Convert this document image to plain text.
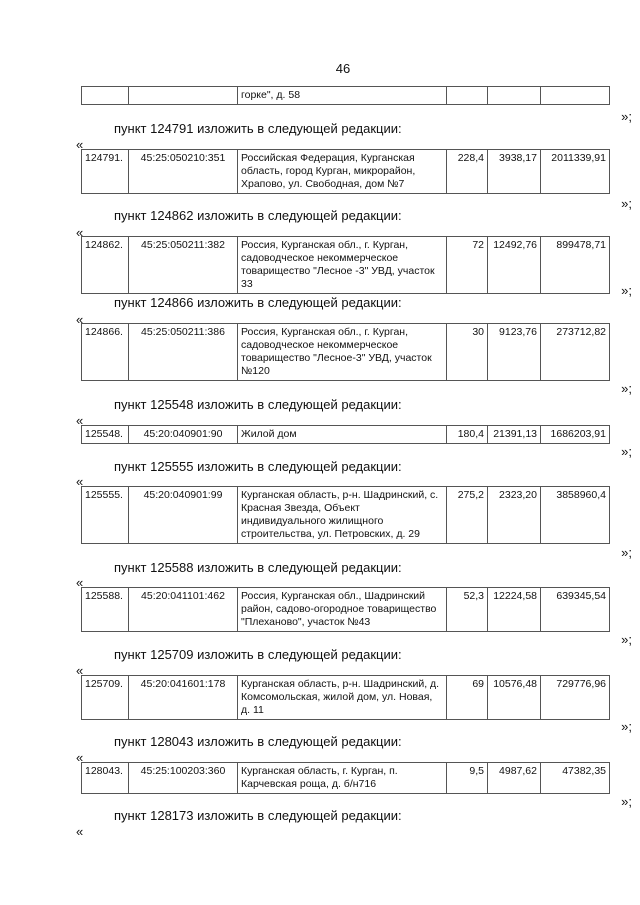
46
		горке", д. 58			
»;
пункт 124791 изложить в следующей редакции:
«
124791.	45:25:050210:351	Российская Федерация, Курганская область, город Курган, микрорайон, Храпово, ул. Свободная, дом №7	228,4	3938,17	2011339,91
»;
пункт 124862 изложить в следующей редакции:
«
124862.	45:25:050211:382	Россия, Курганская обл., г. Курган, садоводческое некоммерческое товарищество "Лесное -3" УВД, участок 33	72	12492,76	899478,71
»;
пункт 124866 изложить в следующей редакции:
«
124866.	45:25:050211:386	Россия, Курганская обл., г. Курган, садоводческое некоммерческое товарищество "Лесное-3" УВД, участок №120	30	9123,76	273712,82
»;
пункт 125548 изложить в следующей редакции:
«
125548.	45:20:040901:90	Жилой дом	180,4	21391,13	1686203,91
»;
пункт 125555 изложить в следующей редакции:
«
125555.	45:20:040901:99	Курганская область, р-н. Шадринский, с. Красная Звезда, Объект индивидуального жилищного строительства, ул. Петровских, д. 29	275,2	2323,20	3858960,4
»;
пункт 125588 изложить в следующей редакции:
«
125588.	45:20:041101:462	Россия, Курганская обл., Шадринский район, садово-огородное товарищество "Плеханово", участок №43	52,3	12224,58	639345,54
»;
пункт 125709 изложить в следующей редакции:
«
125709.	45:20:041601:178	Курганская область, р-н. Шадринский, д. Комсомольская, жилой дом, ул. Новая, д. 11	69	10576,48	729776,96
»;
пункт 128043 изложить в следующей редакции:
«
128043.	45:25:100203:360	Курганская область, г. Курган, п. Карчевская роща, д. б/н716	9,5	4987,62	47382,35
»;
пункт 128173 изложить в следующей редакции:
«
